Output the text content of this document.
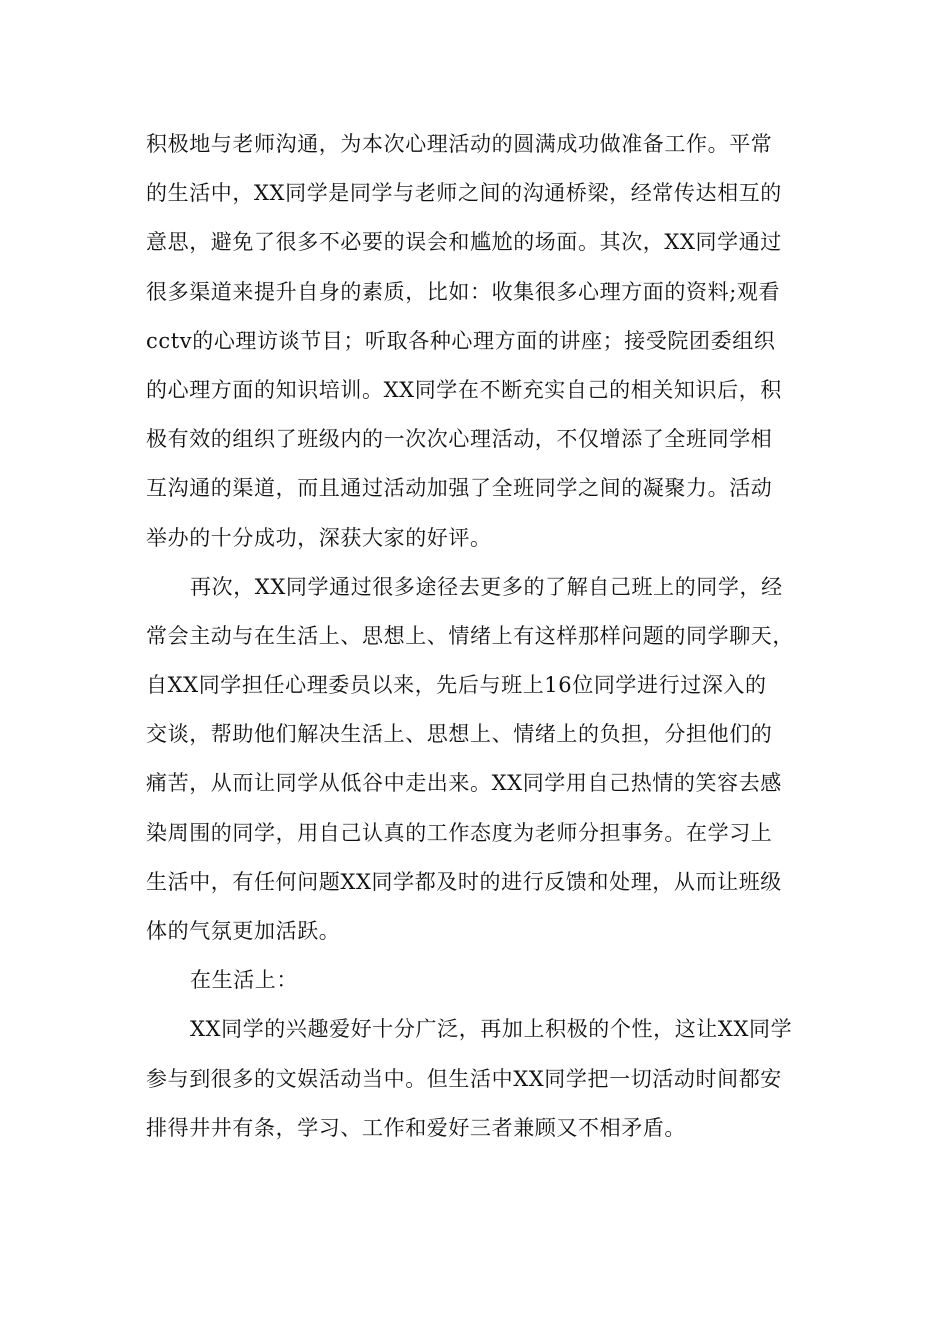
积极地与老师沟通，为本次心理活动的圆满成功做准备工作。平常
的生活中，XX同学是同学与老师之间的沟通桥梁，经常传达相互的
意思，避免了很多不必要的误会和尴尬的场面。其次，XX同学通过
很多渠道来提升自身的素质，比如：收集很多心理方面的资料;观看
cctv的心理访谈节目；听取各种心理方面的讲座；接受院团委组织
的心理方面的知识培训。XX同学在不断充实自己的相关知识后，积
极有效的组织了班级内的一次次心理活动，不仅增添了全班同学相
互沟通的渠道，而且通过活动加强了全班同学之间的凝聚力。活动
举办的十分成功，深获大家的好评。
再次，XX同学通过很多途径去更多的了解自己班上的同学，经
常会主动与在生活上、思想上、情绪上有这样那样问题的同学聊天，
自XX同学担任心理委员以来，先后与班上16位同学进行过深入的
交谈，帮助他们解决生活上、思想上、情绪上的负担，分担他们的
痛苦，从而让同学从低谷中走出来。XX同学用自己热情的笑容去感
染周围的同学，用自己认真的工作态度为老师分担事务。在学习上
生活中，有任何问题XX同学都及时的进行反馈和处理，从而让班级
体的气氛更加活跃。
在生活上：
XX同学的兴趣爱好十分广泛，再加上积极的个性，这让XX同学
参与到很多的文娱活动当中。但生活中XX同学把一切活动时间都安
排得井井有条，学习、工作和爱好三者兼顾又不相矛盾。
